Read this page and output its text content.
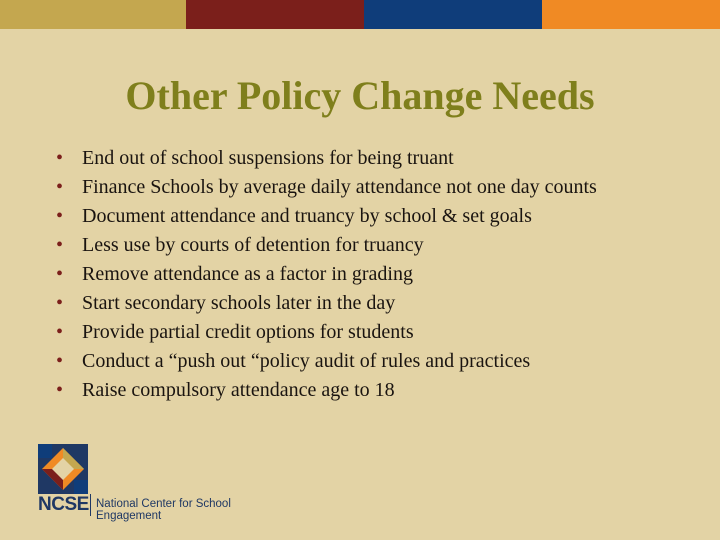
Other Policy Change Needs
• End out of school suspensions for being truant
• Finance Schools by average daily attendance not one day counts
• Document attendance and truancy by school & set goals
• Less use by courts of detention for truancy
• Remove attendance as a factor in grading
• Start secondary schools later in the day
• Provide partial credit options for students
• Conduct a “push out “policy audit of rules and practices
• Raise compulsory attendance age to 18
NCSE National Center for School Engagement
